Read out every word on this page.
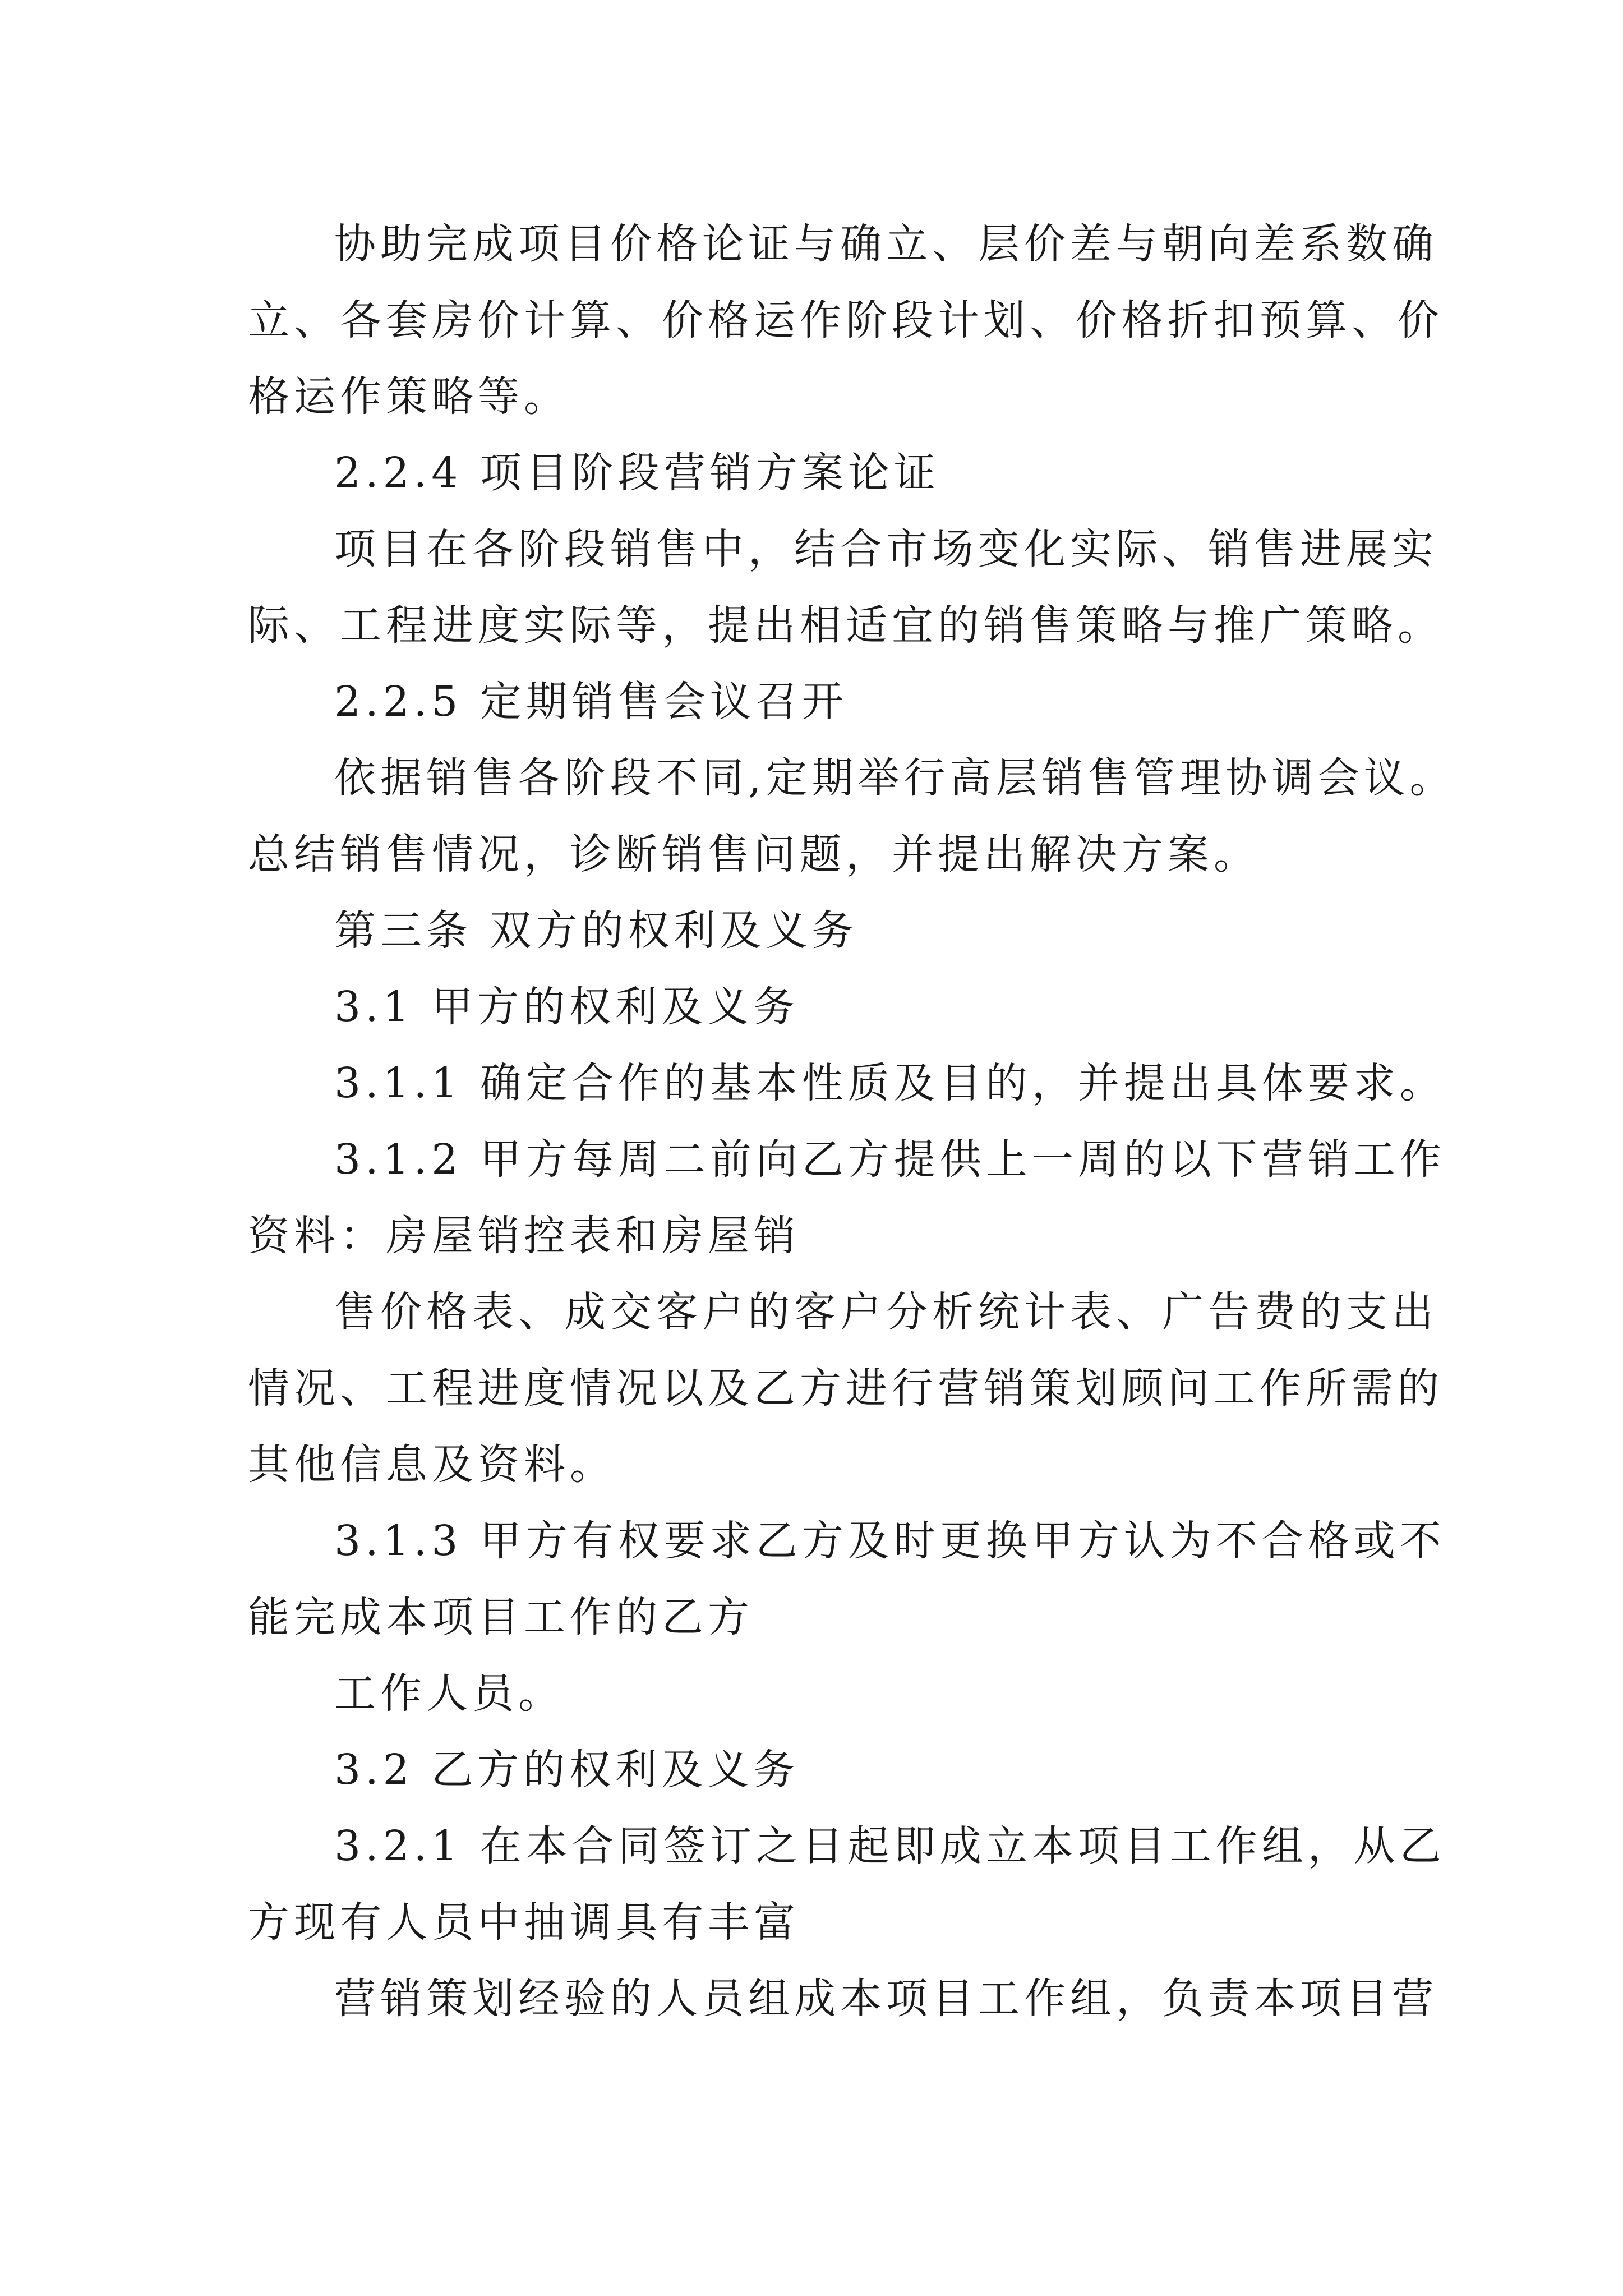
协助完成项目价格论证与确立、层价差与朝向差系数确
立、各套房价计算、价格运作阶段计划、价格折扣预算、价
格运作策略等。
2.2.4 项目阶段营销方案论证
项目在各阶段销售中，结合市场变化实际、销售进展实
际、工程进度实际等，提出相适宜的销售策略与推广策略。
2.2.5 定期销售会议召开
依据销售各阶段不同,定期举行高层销售管理协调会议。
总结销售情况，诊断销售问题，并提出解决方案。
第三条 双方的权利及义务
3.1 甲方的权利及义务
3.1.1 确定合作的基本性质及目的，并提出具体要求。
3.1.2 甲方每周二前向乙方提供上一周的以下营销工作
资料：房屋销控表和房屋销
售价格表、成交客户的客户分析统计表、广告费的支出
情况、工程进度情况以及乙方进行营销策划顾问工作所需的
其他信息及资料。
3.1.3 甲方有权要求乙方及时更换甲方认为不合格或不
能完成本项目工作的乙方
工作人员。
3.2 乙方的权利及义务
3.2.1 在本合同签订之日起即成立本项目工作组，从乙
方现有人员中抽调具有丰富
营销策划经验的人员组成本项目工作组，负责本项目营
